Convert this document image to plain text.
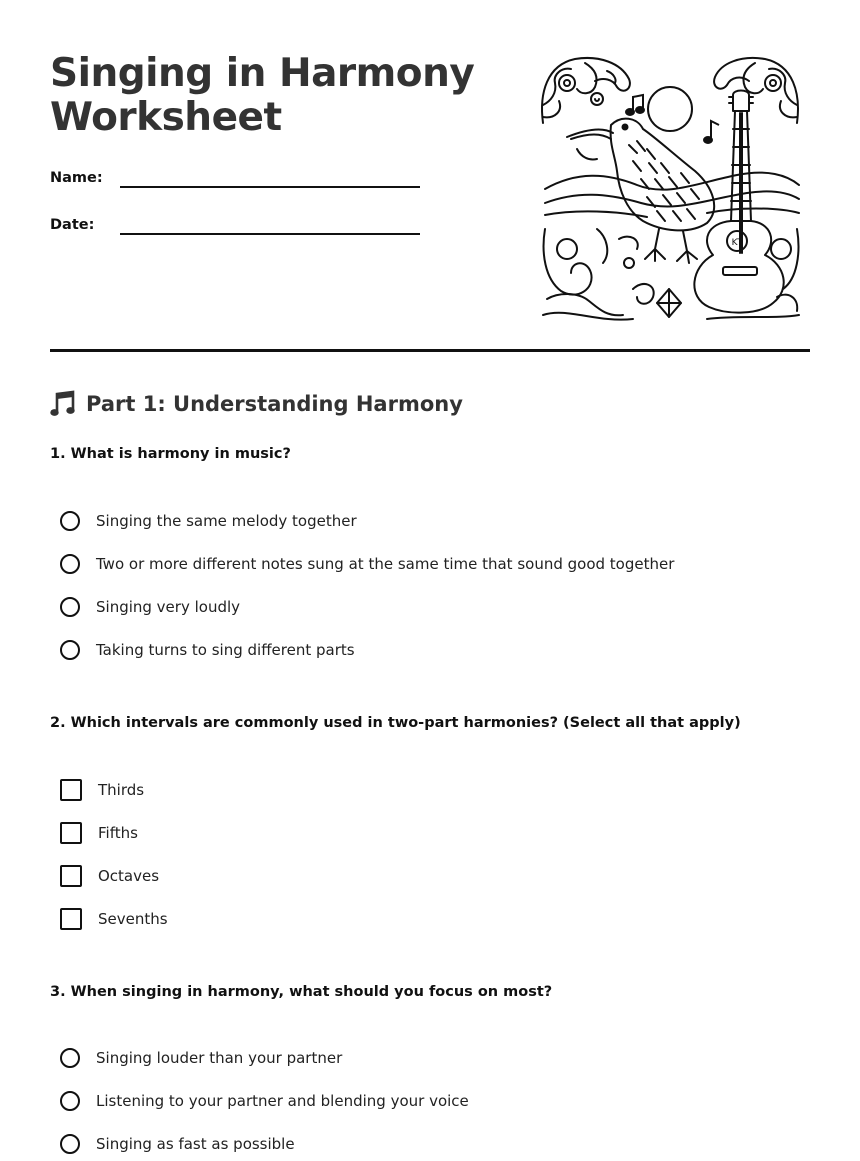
Singing in Harmony
Worksheet
Name:
Date:
KT
Part 1: Understanding Harmony
1. What is harmony in music?
Singing the same melody together
Two or more different notes sung at the same time that sound good together
Singing very loudly
Taking turns to sing different parts
2. Which intervals are commonly used in two-part harmonies? (Select all that apply)
Thirds
Fifths
Octaves
Sevenths
3. When singing in harmony, what should you focus on most?
Singing louder than your partner
Listening to your partner and blending your voice
Singing as fast as possible
